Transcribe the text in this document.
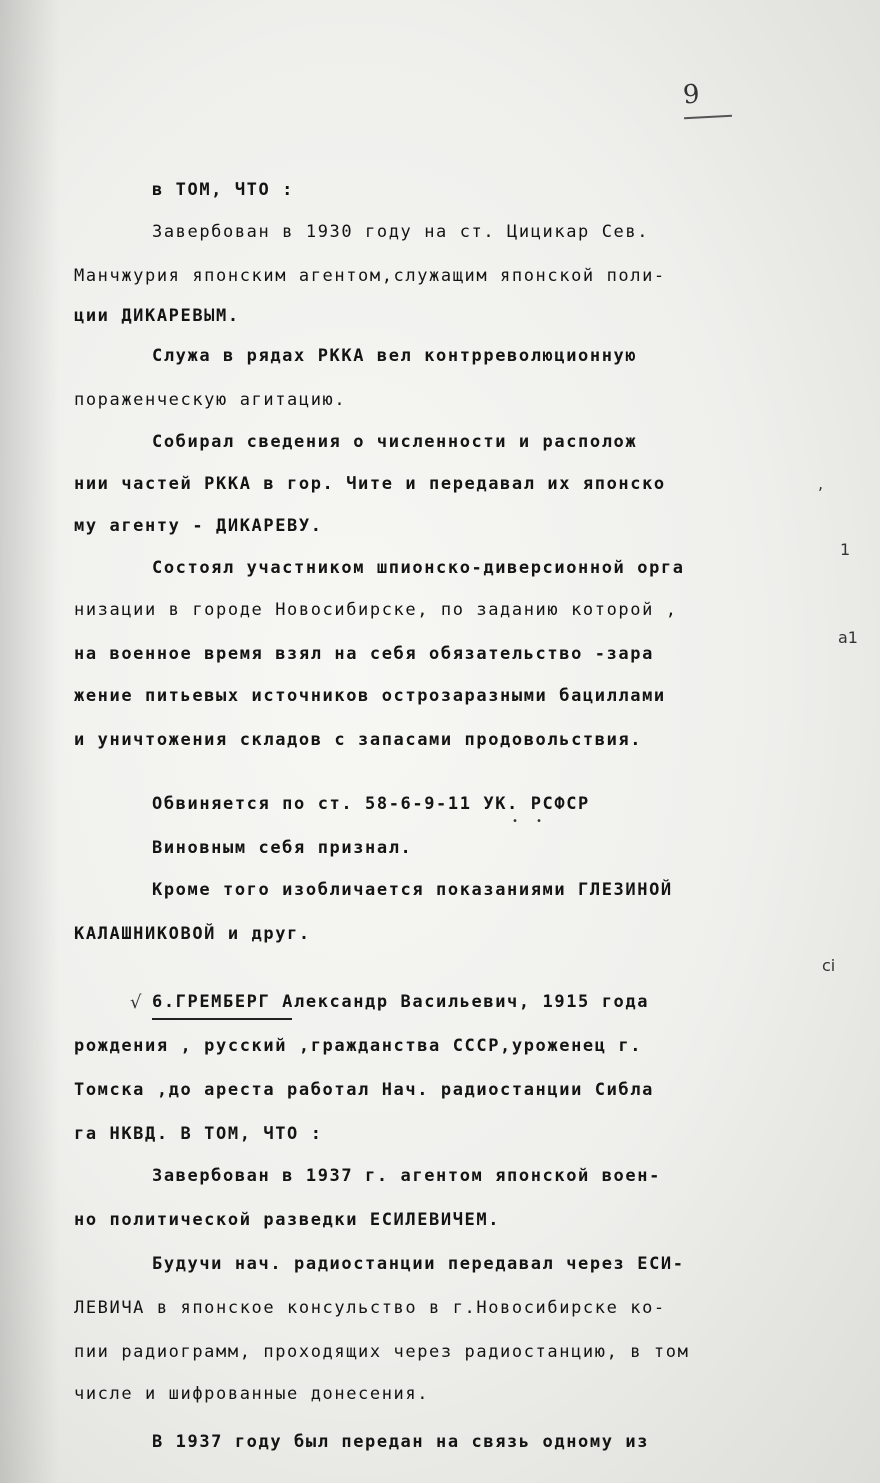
9
в ТОМ, ЧТО :
Завербован в 1930 году на ст. Цицикар Сев.
Манчжурия японским агентом,служащим японской поли-
ции ДИКАРЕВЫМ.
Служа в рядах РККА вел контрреволюционную
пораженческую агитацию.
Собирал сведения о численности и располож
нии частей РККА в гор. Чите и передавал их японско
му агенту - ДИКАРЕВУ.
Состоял участником шпионско-диверсионной орга
низации в городе Новосибирске, по заданию которой ,
на военное время взял на себя обязательство -зара
жение питьевых источников острозаразными бациллами
и уничтожения складов с запасами продовольствия.
Обвиняется по ст. 58-6-9-11 УК. РСФСР
• •
Виновным себя признал.
Кроме того изобличается показаниями ГЛЕЗИНОЙ
КАЛАШНИКОВОЙ и друг.
√ 6.ГРЕМБЕРГ Александр Васильевич, 1915 года
рождения , русский ,гражданства СССР,уроженец г.
Томска ,до ареста работал Нач. радиостанции Сибла
га НКВД. В ТОМ, ЧТО :
Завербован в 1937 г. агентом японской воен-
но политической разведки ЕСИЛЕВИЧЕМ.
Будучи нач. радиостанции передавал через ЕСИ-
ЛЕВИЧА в японское консульство в г.Новосибирске ко-
пии радиограмм, проходящих через радиостанцию, в том
числе и шифрованные донесения.
В 1937 году был передан на связь одному из
,
1
a1
ci
